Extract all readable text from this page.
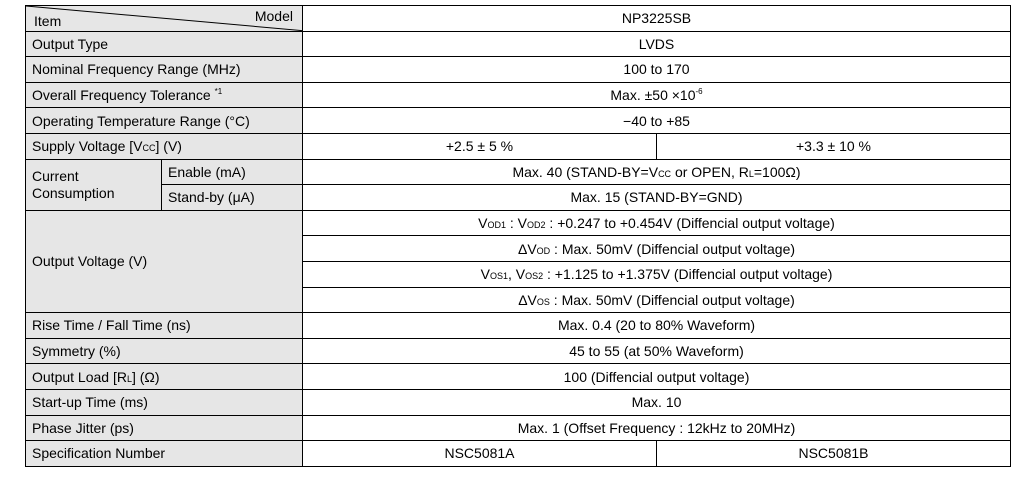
Model
Item		NP3225SB	
Output Type		LVDS	
Nominal Frequency Range (MHz)		100 to 170	
Overall Frequency Tolerance $^{*1}$		Max. $\pm 50 \times 10^{-6}$
Operating Temperature Range (°C)		−40 to +85	
Supply Voltage [VCC] (V)		+2.5 ± 5 %	+3.3 ± 10 %
Current
Consumption	Enable (mA)	Max. 40 (STAND-BY=VCC or OPEN, RL=100Ω)	
	Stand-by (μA)	Max. 15 (STAND-BY=GND)	
Output Voltage (V)		VOD1 : VOD2 : +0.247 to +0.454V (Diffencial output voltage)	
		ΔVOD : Max. 50mV (Diffencial output voltage)	
		VOS1, VOS2 : +1.125 to +1.375V (Diffencial output voltage)	
		ΔVOS : Max. 50mV (Diffencial output voltage)	
Rise Time / Fall Time (ns)		Max. 0.4 (20 to 80% Waveform)	
Symmetry (%)		45 to 55 (at 50% Waveform)	
Output Load [RL] (Ω)		100 (Diffencial output voltage)	
Start-up Time (ms)		Max. 10	
Phase Jitter (ps)		Max. 1 (Offset Frequency : 12kHz to 20MHz)	
Specification Number		NSC5081A	NSC5081B
